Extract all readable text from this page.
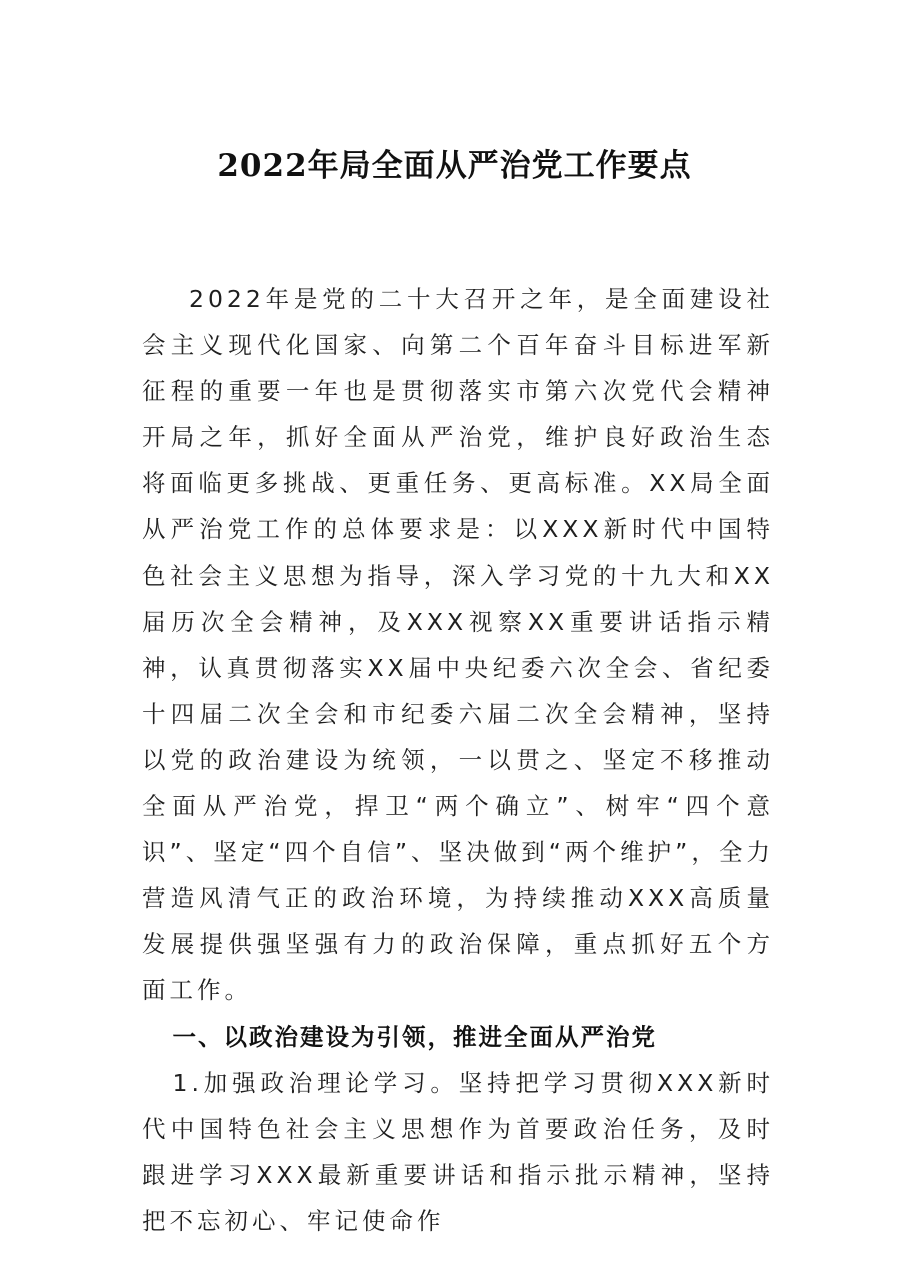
2022年局全面从严治党工作要点

2022年是党的二十大召开之年，是全面建设社会主义现代化国家、向第二个百年奋斗目标进军新征程的重要一年也是贯彻落实市第六次党代会精神开局之年，抓好全面从严治党，维护良好政治生态将面临更多挑战、更重任务、更高标准。XX局全面从严治党工作的总体要求是：以XXX新时代中国特色社会主义思想为指导，深入学习党的十九大和XX届历次全会精神，及XXX视察XX重要讲话指示精神，认真贯彻落实XX届中央纪委六次全会、省纪委十四届二次全会和市纪委六届二次全会精神，坚持以党的政治建设为统领，一以贯之、坚定不移推动全面从严治党，捍卫“两个确立”、树牢“四个意识”、坚定“四个自信”、坚决做到“两个维护”，全力营造风清气正的政治环境，为持续推动XXX高质量发展提供强坚强有力的政治保障，重点抓好五个方面工作。

一、以政治建设为引领，推进全面从严治党

1.加强政治理论学习。坚持把学习贯彻XXX新时代中国特色社会主义思想作为首要政治任务，及时跟进学习XXX最新重要讲话和指示批示精神，坚持把不忘初心、牢记使命作
